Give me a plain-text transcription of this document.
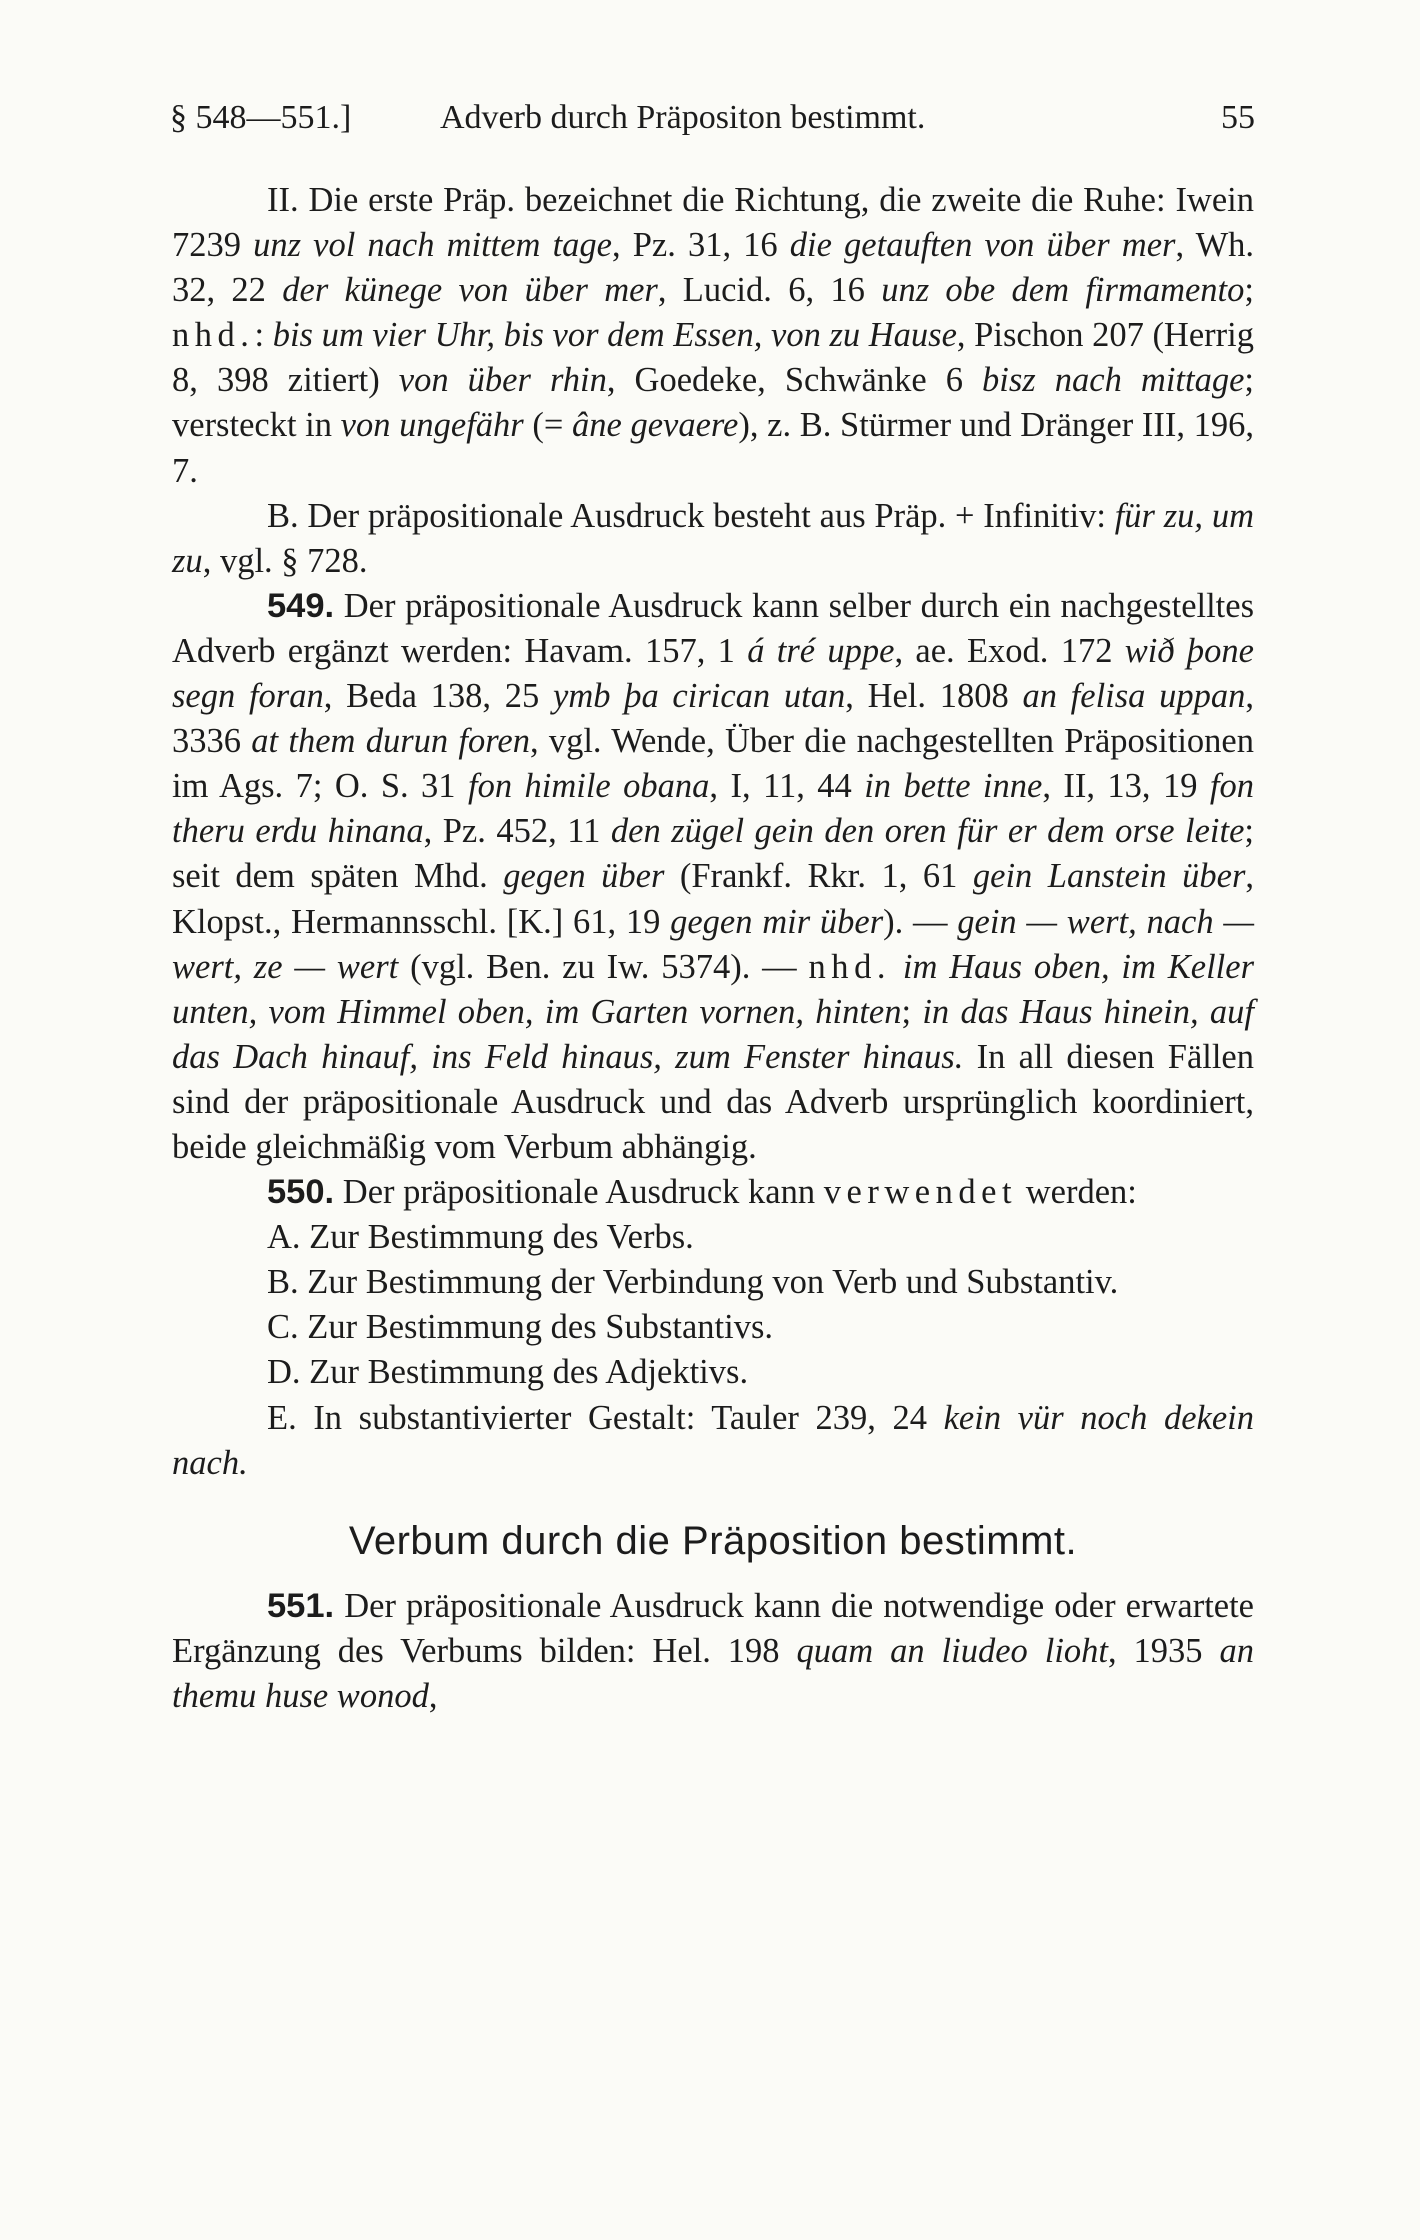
§ 548—551.]	Adverb durch Präpositon bestimmt.	55

II. Die erste Präp. bezeichnet die Richtung, die zweite die Ruhe: Iwein 7239 unz vol nach mittem tage, Pz. 31, 16 die getauften von über mer, Wh. 32, 22 der künege von über mer, Lucid. 6, 16 unz obe dem firmamento; nhd.: bis um vier Uhr, bis vor dem Essen, von zu Hause, Pischon 207 (Herrig 8, 398 zitiert) von über rhin, Goedeke, Schwänke 6 bisz nach mittage; versteckt in von ungefähr (= âne gevaere), z. B. Stürmer und Dränger III, 196, 7.

B. Der präpositionale Ausdruck besteht aus Präp. + Infinitiv: für zu, um zu, vgl. § 728.

549. Der präpositionale Ausdruck kann selber durch ein nachgestelltes Adverb ergänzt werden: Havam. 157, 1 á tré uppe, ae. Exod. 172 wið þone segn foran, Beda 138, 25 ymb þa cirican utan, Hel. 1808 an felisa uppan, 3336 at them durun foren, vgl. Wende, Über die nachgestellten Präpositionen im Ags. 7; O. S. 31 fon himile obana, I, 11, 44 in bette inne, II, 13, 19 fon theru erdu hinana, Pz. 452, 11 den zügel gein den oren für er dem orse leite; seit dem späten Mhd. gegen über (Frankf. Rkr. 1, 61 gein Lanstein über, Klopst., Hermannsschl. [K.] 61, 19 gegen mir über). — gein — wert, nach — wert, ze — wert (vgl. Ben. zu Iw. 5374). — nhd. im Haus oben, im Keller unten, vom Himmel oben, im Garten vornen, hinten; in das Haus hinein, auf das Dach hinauf, ins Feld hinaus, zum Fenster hinaus. In all diesen Fällen sind der präpositionale Ausdruck und das Adverb ursprünglich koordiniert, beide gleichmäßig vom Verbum abhängig.

550. Der präpositionale Ausdruck kann verwendet werden:

A. Zur Bestimmung des Verbs.

B. Zur Bestimmung der Verbindung von Verb und Substantiv.

C. Zur Bestimmung des Substantivs.

D. Zur Bestimmung des Adjektivs.

E. In substantivierter Gestalt: Tauler 239, 24 kein vür noch dekein nach.

Verbum durch die Präposition bestimmt.

551. Der präpositionale Ausdruck kann die notwendige oder erwartete Ergänzung des Verbums bilden: Hel. 198 quam an liudeo lioht, 1935 an themu huse wonod,
